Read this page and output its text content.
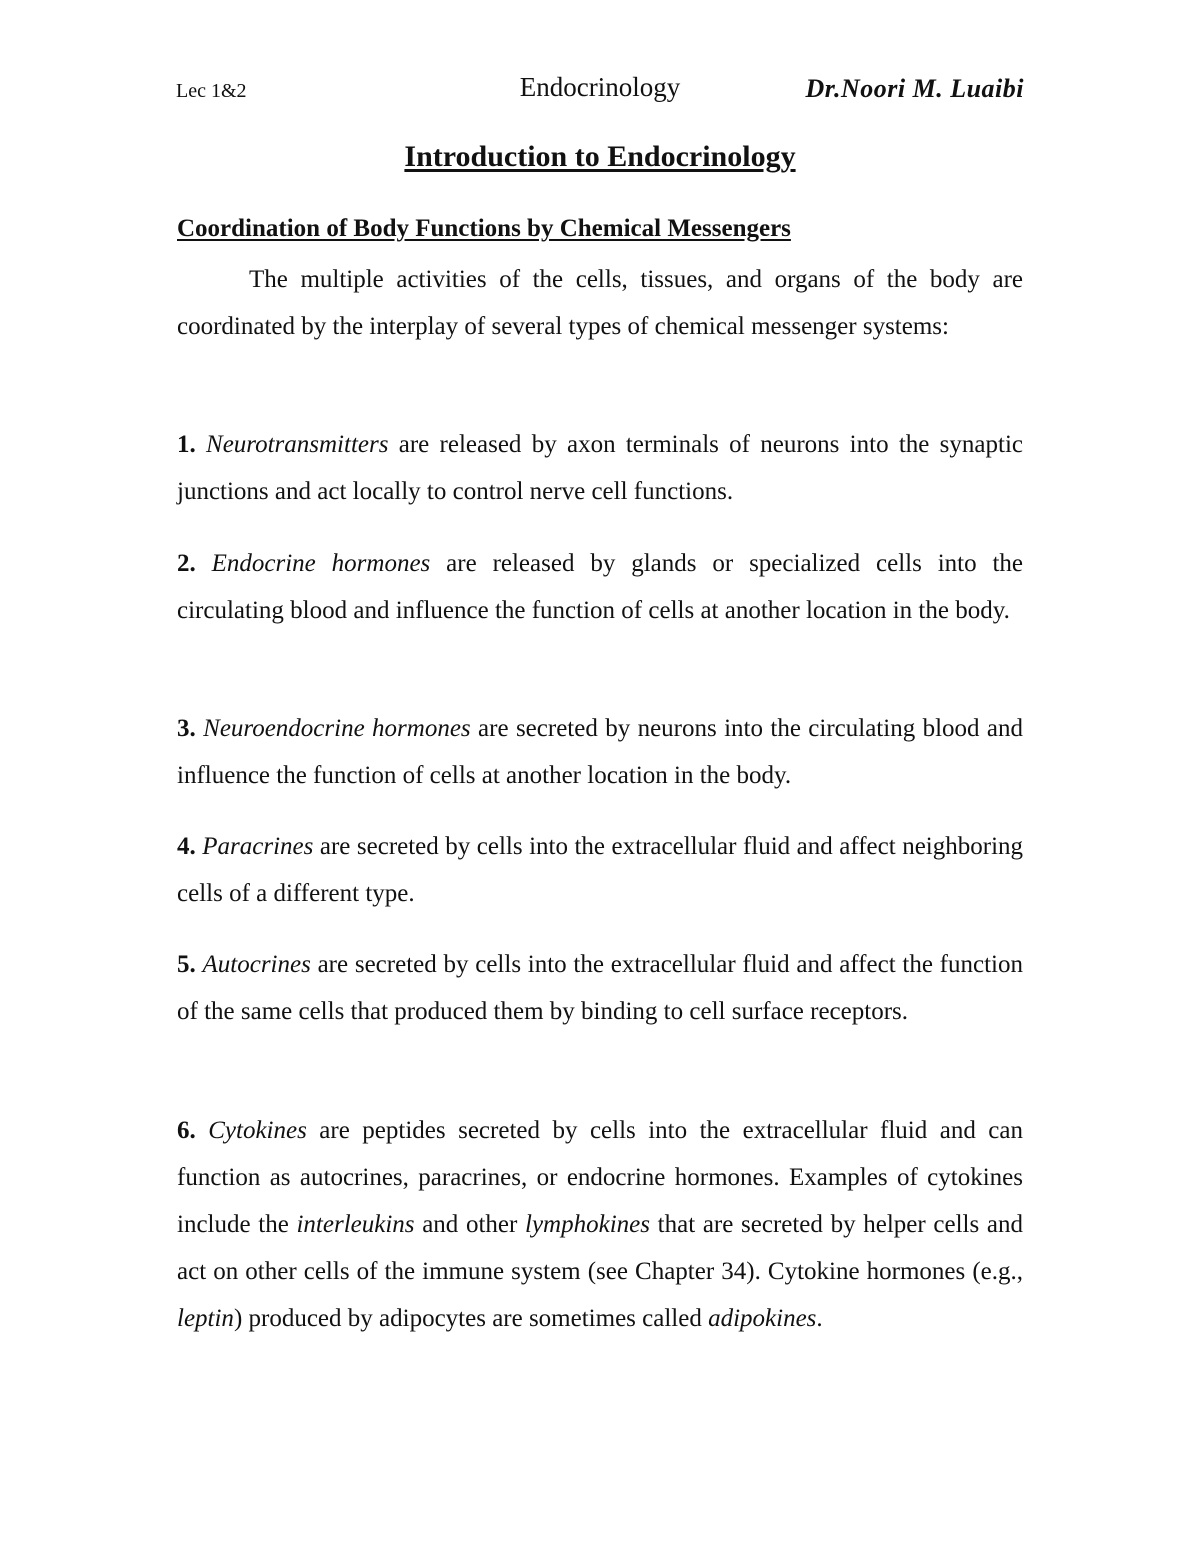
Lec 1&2	Endocrinology	Dr.Noori M. Luaibi
Introduction to Endocrinology
Coordination of Body Functions by Chemical Messengers

The multiple activities of the cells, tissues, and organs of the body are coordinated by the interplay of several types of chemical messenger systems:

1. Neurotransmitters are released by axon terminals of neurons into the synaptic junctions and act locally to control nerve cell functions.

2. Endocrine hormones are released by glands or specialized cells into the circulating blood and influence the function of cells at another location in the body.

3. Neuroendocrine hormones are secreted by neurons into the circulating blood and influence the function of cells at another location in the body.

4. Paracrines are secreted by cells into the extracellular fluid and affect neighboring cells of a different type.

5. Autocrines are secreted by cells into the extracellular fluid and affect the function of the same cells that produced them by binding to cell surface receptors.

6. Cytokines are peptides secreted by cells into the extracellular fluid and can function as autocrines, paracrines, or endocrine hormones. Examples of cytokines include the interleukins and other lymphokines that are secreted by helper cells and act on other cells of the immune system (see Chapter 34). Cytokine hormones (e.g., leptin) produced by adipocytes are sometimes called adipokines.
